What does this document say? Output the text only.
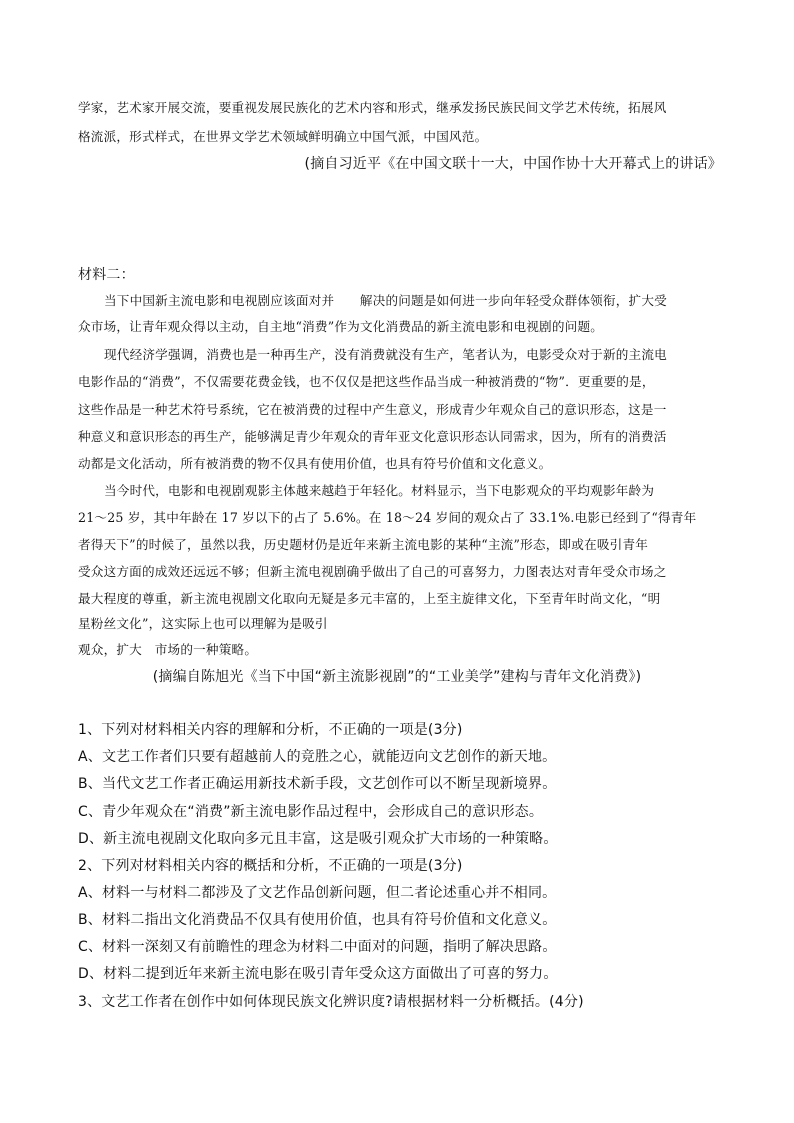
学家，艺术家开展交流，要重视发展民族化的艺术内容和形式，继承发扬民族民间文学艺术传统，拓展风
格流派，形式样式，在世界文学艺术领域鲜明确立中国气派，中国风范。
(摘自习近平《在中国文联十一大，中国作协十大开幕式上的讲话》
材料二：
当下中国新主流电影和电视剧应该面对并　　解决的问题是如何进一步向年轻受众群体领衔，扩大受
众市场，让青年观众得以主动，自主地“消费”作为文化消费品的新主流电影和电视剧的问题。
现代经济学强调，消费也是一种再生产，没有消费就没有生产，笔者认为，电影受众对于新的主流电
电影作品的“消费”，不仅需要花费金钱，也不仅仅是把这些作品当成一种被消费的“物”．更重要的是，
这些作品是一种艺术符号系统，它在被消费的过程中产生意义，形成青少年观众自己的意识形态，这是一
种意义和意识形态的再生产，能够满足青少年观众的青年亚文化意识形态认同需求，因为，所有的消费活
动都是文化活动，所有被消费的物不仅具有使用价值，也具有符号价值和文化意义。
当今时代，电影和电视剧观影主体越来越趋于年轻化。材料显示，当下电影观众的平均观影年龄为
21～25 岁，其中年龄在 17 岁以下的占了 5.6%。在 18～24 岁间的观众占了 33.1%.电影已经到了“得青年
者得天下”的时候了，虽然以我，历史题材仍是近年来新主流电影的某种“主流”形态，即或在吸引青年
受众这方面的成效还远远不够；但新主流电视剧确乎做出了自己的可喜努力，力图表达对青年受众市场之
最大程度的尊重，新主流电视剧文化取向无疑是多元丰富的，上至主旋律文化，下至青年时尚文化，“明
星粉丝文化”，这实际上也可以理解为是吸引
观众，扩大　市场的一种策略。
(摘编自陈旭光《当下中国“新主流影视剧”的“工业美学”建构与青年文化消费》)
1、下列对材料相关内容的理解和分析，不正确的一项是(3分)
A、文艺工作者们只要有超越前人的竞胜之心，就能迈向文艺创作的新天地。
B、当代文艺工作者正确运用新技术新手段，文艺创作可以不断呈现新境界。
C、青少年观众在“消费”新主流电影作品过程中，会形成自己的意识形态。
D、新主流电视剧文化取向多元且丰富，这是吸引观众扩大市场的一种策略。
2、下列对材料相关内容的概括和分析，不正确的一项是(3分)
A、材料一与材料二都涉及了文艺作品创新问题，但二者论述重心并不相同。
B、材料二指出文化消费品不仅具有使用价值，也具有符号价值和文化意义。
C、材料一深刻又有前瞻性的理念为材料二中面对的问题，指明了解决思路。
D、材料二提到近年来新主流电影在吸引青年受众这方面做出了可喜的努力。
3、文艺工作者在创作中如何体现民族文化辨识度?请根据材料一分析概括。(4分)
